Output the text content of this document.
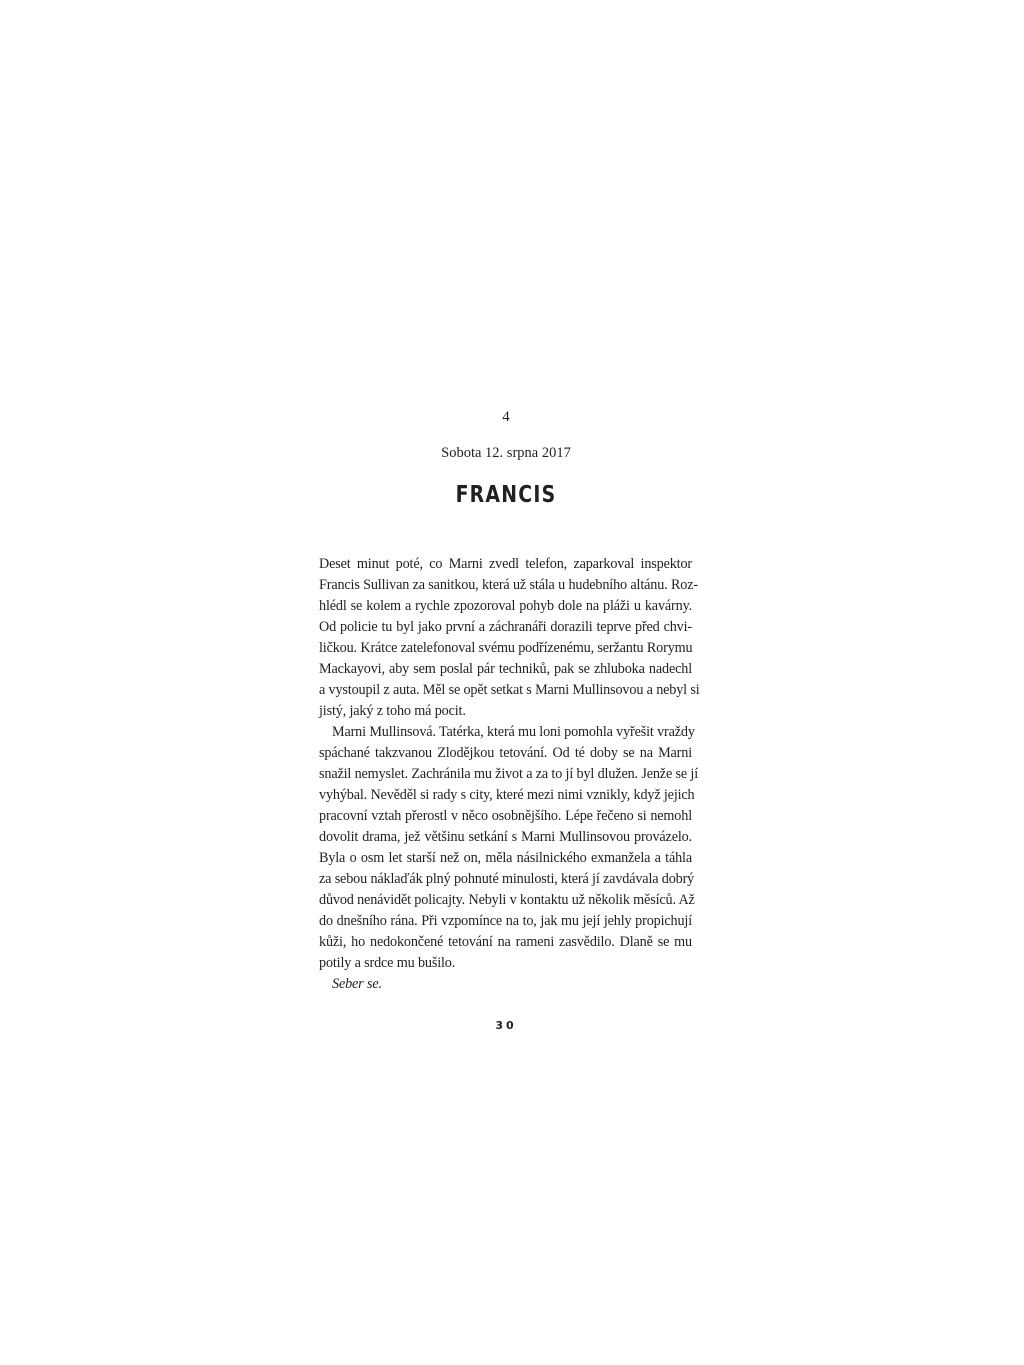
4
Sobota 12. srpna 2017
FRANCIS
Deset minut poté, co Marni zvedl telefon, zaparkoval inspektor
Francis Sullivan za sanitkou, která už stála u hudebního altánu. Roz-
hlédl se kolem a rychle zpozoroval pohyb dole na pláži u kavárny.
Od policie tu byl jako první a záchranáři dorazili teprve před chvi-
ličkou. Krátce zatelefonoval svému podřízenému, seržantu Rorymu
Mackayovi, aby sem poslal pár techniků, pak se zhluboka nadechl
a vystoupil z auta. Měl se opět setkat s Marni Mullinsovou a nebyl si
jistý, jaký z toho má pocit.
Marni Mullinsová. Tatérka, která mu loni pomohla vyřešit vraždy
spáchané takzvanou Zlodějkou tetování. Od té doby se na Marni
snažil nemyslet. Zachránila mu život a za to jí byl dlužen. Jenže se jí
vyhýbal. Nevěděl si rady s city, které mezi nimi vznikly, když jejich
pracovní vztah přerostl v něco osobnějšího. Lépe řečeno si nemohl
dovolit drama, jež většinu setkání s Marni Mullinsovou provázelo.
Byla o osm let starší než on, měla násilnického exmanžela a táhla
za sebou náklaďák plný pohnuté minulosti, která jí zavdávala dobrý
důvod nenávidět policajty. Nebyli v kontaktu už několik měsíců. Až
do dnešního rána. Při vzpomínce na to, jak mu její jehly propichují
kůži, ho nedokončené tetování na rameni zasvědilo. Dlaně se mu
potily a srdce mu bušilo.
Seber se.
30
